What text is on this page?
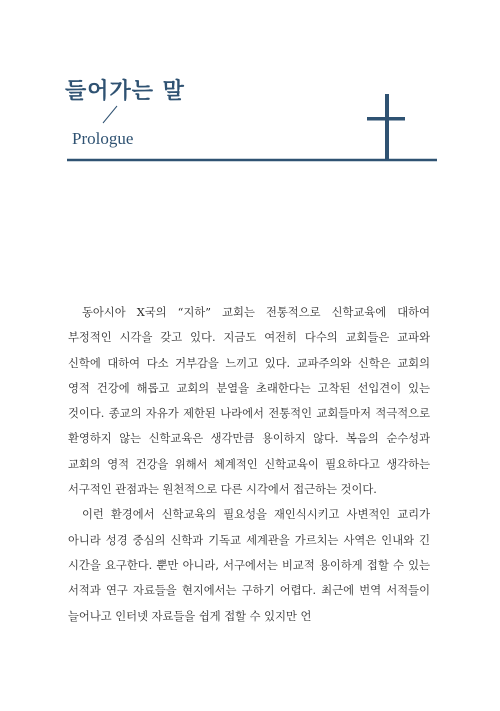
들어가는 말
Prologue

동아시아 X국의 “지하” 교회는 전통적으로 신학교육에 대하여 부정적인 시각을 갖고 있다. 지금도 여전히 다수의 교회들은 교파와 신학에 대하여 다소 거부감을 느끼고 있다. 교파주의와 신학은 교회의 영적 건강에 해롭고 교회의 분열을 초래한다는 고착된 선입견이 있는 것이다. 종교의 자유가 제한된 나라에서 전통적인 교회들마저 적극적으로 환영하지 않는 신학교육은 생각만큼 용이하지 않다. 복음의 순수성과 교회의 영적 건강을 위해서 체계적인 신학교육이 필요하다고 생각하는 서구적인 관점과는 원천적으로 다른 시각에서 접근하는 것이다.

이런 환경에서 신학교육의 필요성을 재인식시키고 사변적인 교리가 아니라 성경 중심의 신학과 기독교 세계관을 가르치는 사역은 인내와 긴 시간을 요구한다. 뿐만 아니라, 서구에서는 비교적 용이하게 접할 수 있는 서적과 연구 자료들을 현지에서는 구하기 어렵다. 최근에 번역 서적들이 늘어나고 인터넷 자료들을 쉽게 접할 수 있지만 언
